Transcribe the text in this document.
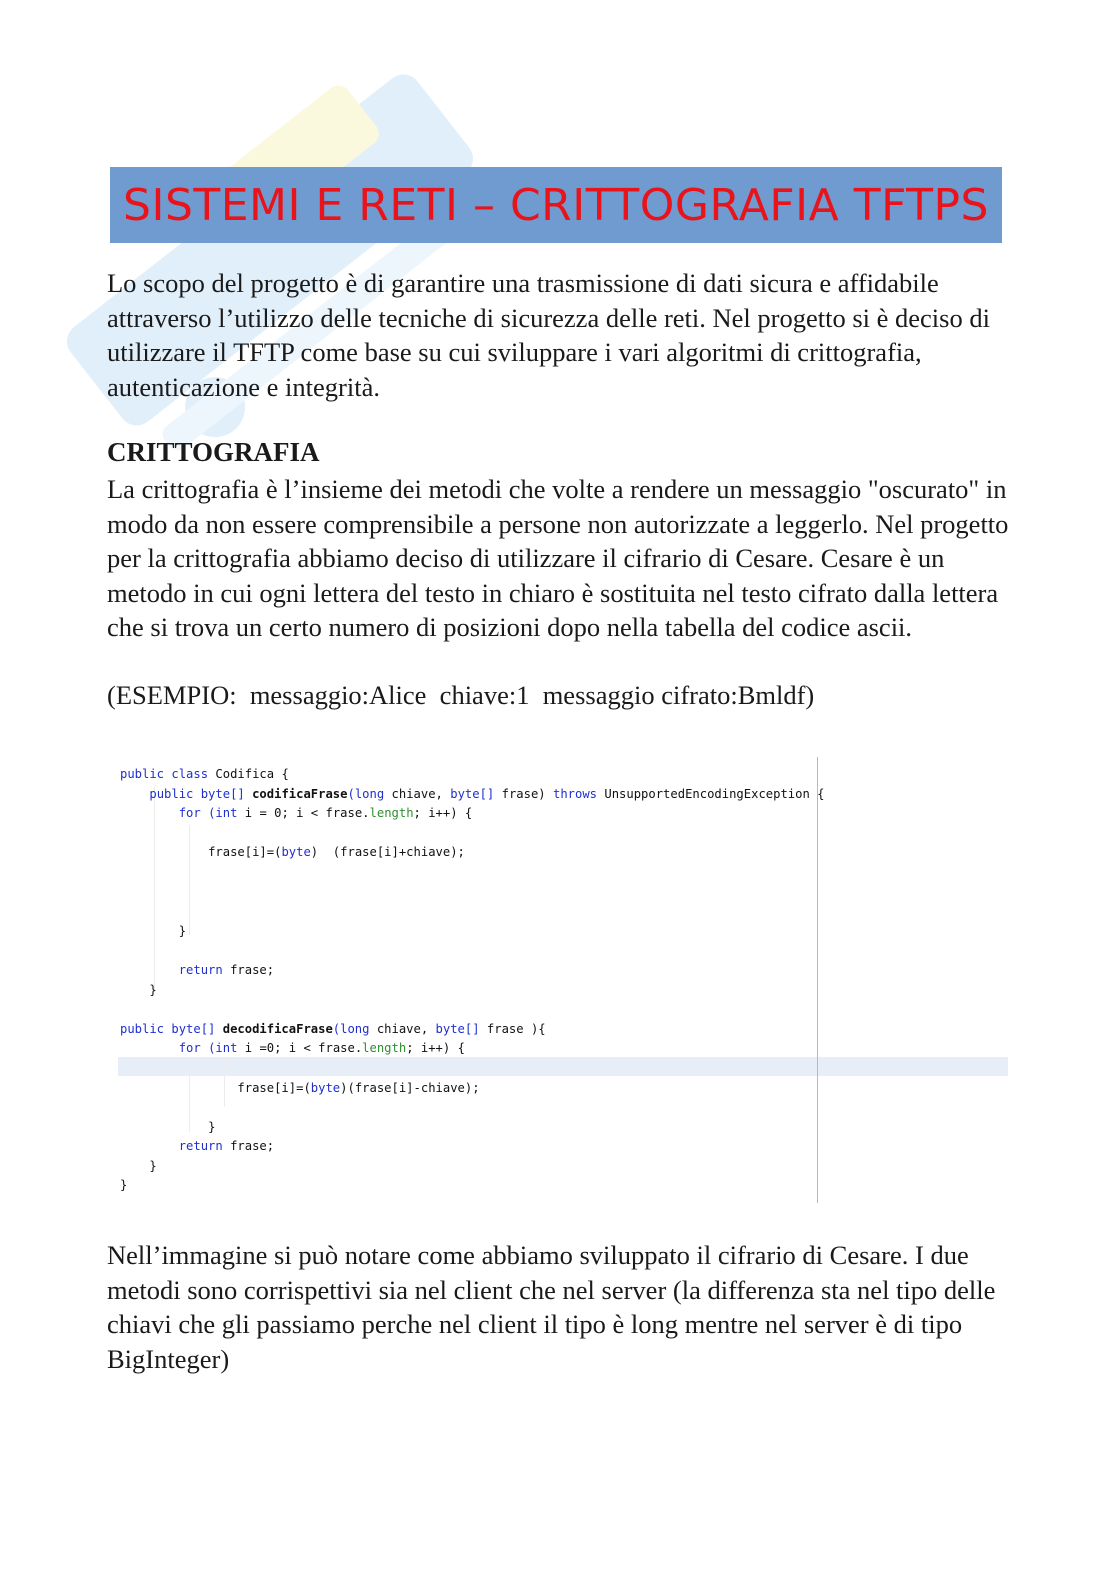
SISTEMI E RETI – CRITTOGRAFIA TFTPS

Lo scopo del progetto è di garantire una trasmissione di dati sicura e affidabile attraverso l’utilizzo delle tecniche di sicurezza delle reti. Nel progetto si è deciso di utilizzare il TFTP come base su cui sviluppare i vari algoritmi di crittografia, autenticazione e integrità.

CRITTOGRAFIA

La crittografia è l’insieme dei metodi che volte a rendere un messaggio "oscurato" in modo da non essere comprensibile a persone non autorizzate a leggerlo. Nel progetto per la crittografia abbiamo deciso di utilizzare il cifrario di Cesare. Cesare è un metodo in cui ogni lettera del testo in chiaro è sostituita nel testo cifrato dalla lettera che si trova un certo numero di posizioni dopo nella tabella del codice ascii.

(ESEMPIO:  messaggio:Alice  chiave:1  messaggio cifrato:Bmldf)

public class Codifica {
public byte[] codificaFrase(long chiave, byte[] frase) throws UnsupportedEncodingException {
for (int i = 0; i < frase.length; i++) {

frase[i]=(byte)  (frase[i]+chiave);

}

return frase;
}

public byte[] decodificaFrase(long chiave, byte[] frase ){
for (int i =0; i < frase.length; i++) {

frase[i]=(byte)(frase[i]-chiave);

}
return frase;
}
}

Nell’immagine si può notare come abbiamo sviluppato il cifrario di Cesare. I due metodi sono corrispettivi sia nel client che nel server (la differenza sta nel tipo delle chiavi che gli passiamo perche nel client il tipo è long mentre nel server è di tipo BigInteger)
